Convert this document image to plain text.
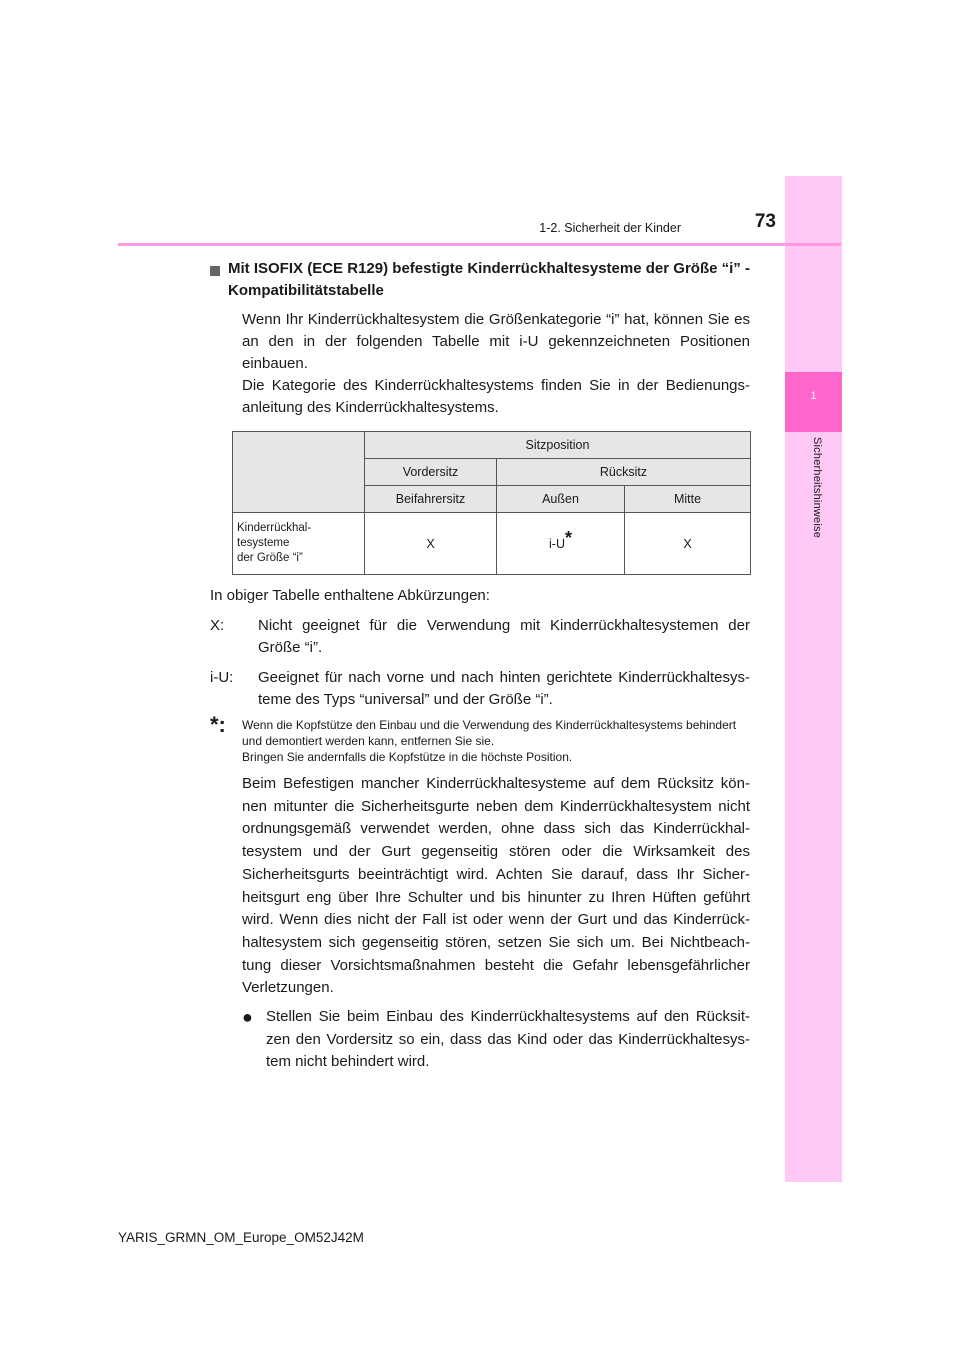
1
Sicherheitshinweise
73
1-2. Sicherheit der Kinder
Mit ISOFIX (ECE R129) befestigte Kinderrückhaltesysteme der Größe “i” - Kompatibilitätstabelle

Wenn Ihr Kinderrückhaltesystem die Größenkategorie “i” hat, können Sie es an den in der folgenden Tabelle mit i-U gekennzeichneten Positionen einbauen.

Die Kategorie des Kinderrückhaltesystems finden Sie in der Bedienungs-anleitung des Kinderrückhaltesystems.

	Sitzposition		
	Vordersitz	Rücksitz	
	Beifahrersitz	Außen	Mitte
Kinderrückhal-
tesysteme
der Größe “i”	X	i-U*	X

In obiger Tabelle enthaltene Abkürzungen:

X:	Nicht geeignet für die Verwendung mit Kinderrückhaltesystemen der Größe “i”.
i-U:	Geeignet für nach vorne und nach hinten gerichtete Kinderrückhaltesys-teme des Typs “universal” und der Größe “i”.
*:	Wenn die Kopfstütze den Einbau und die Verwendung des Kinderrückhaltesystems behindert und demontiert werden kann, entfernen Sie sie.
Bringen Sie andernfalls die Kopfstütze in die höchste Position.

Beim Befestigen mancher Kinderrückhaltesysteme auf dem Rücksitz kön-nen mitunter die Sicherheitsgurte neben dem Kinderrückhaltesystem nicht ordnungsgemäß verwendet werden, ohne dass sich das Kinderrückhal-tesystem und der Gurt gegenseitig stören oder die Wirksamkeit des Sicherheitsgurts beeinträchtigt wird. Achten Sie darauf, dass Ihr Sicher-heitsgurt eng über Ihre Schulter und bis hinunter zu Ihren Hüften geführt wird. Wenn dies nicht der Fall ist oder wenn der Gurt und das Kinderrück-haltesystem sich gegenseitig stören, setzen Sie sich um. Bei Nichtbeach-tung dieser Vorsichtsmaßnahmen besteht die Gefahr lebensgefährlicher Verletzungen.

● Stellen Sie beim Einbau des Kinderrückhaltesystems auf den Rücksit-zen den Vordersitz so ein, dass das Kind oder das Kinderrückhaltesys-tem nicht behindert wird.
YARIS_GRMN_OM_Europe_OM52J42M
